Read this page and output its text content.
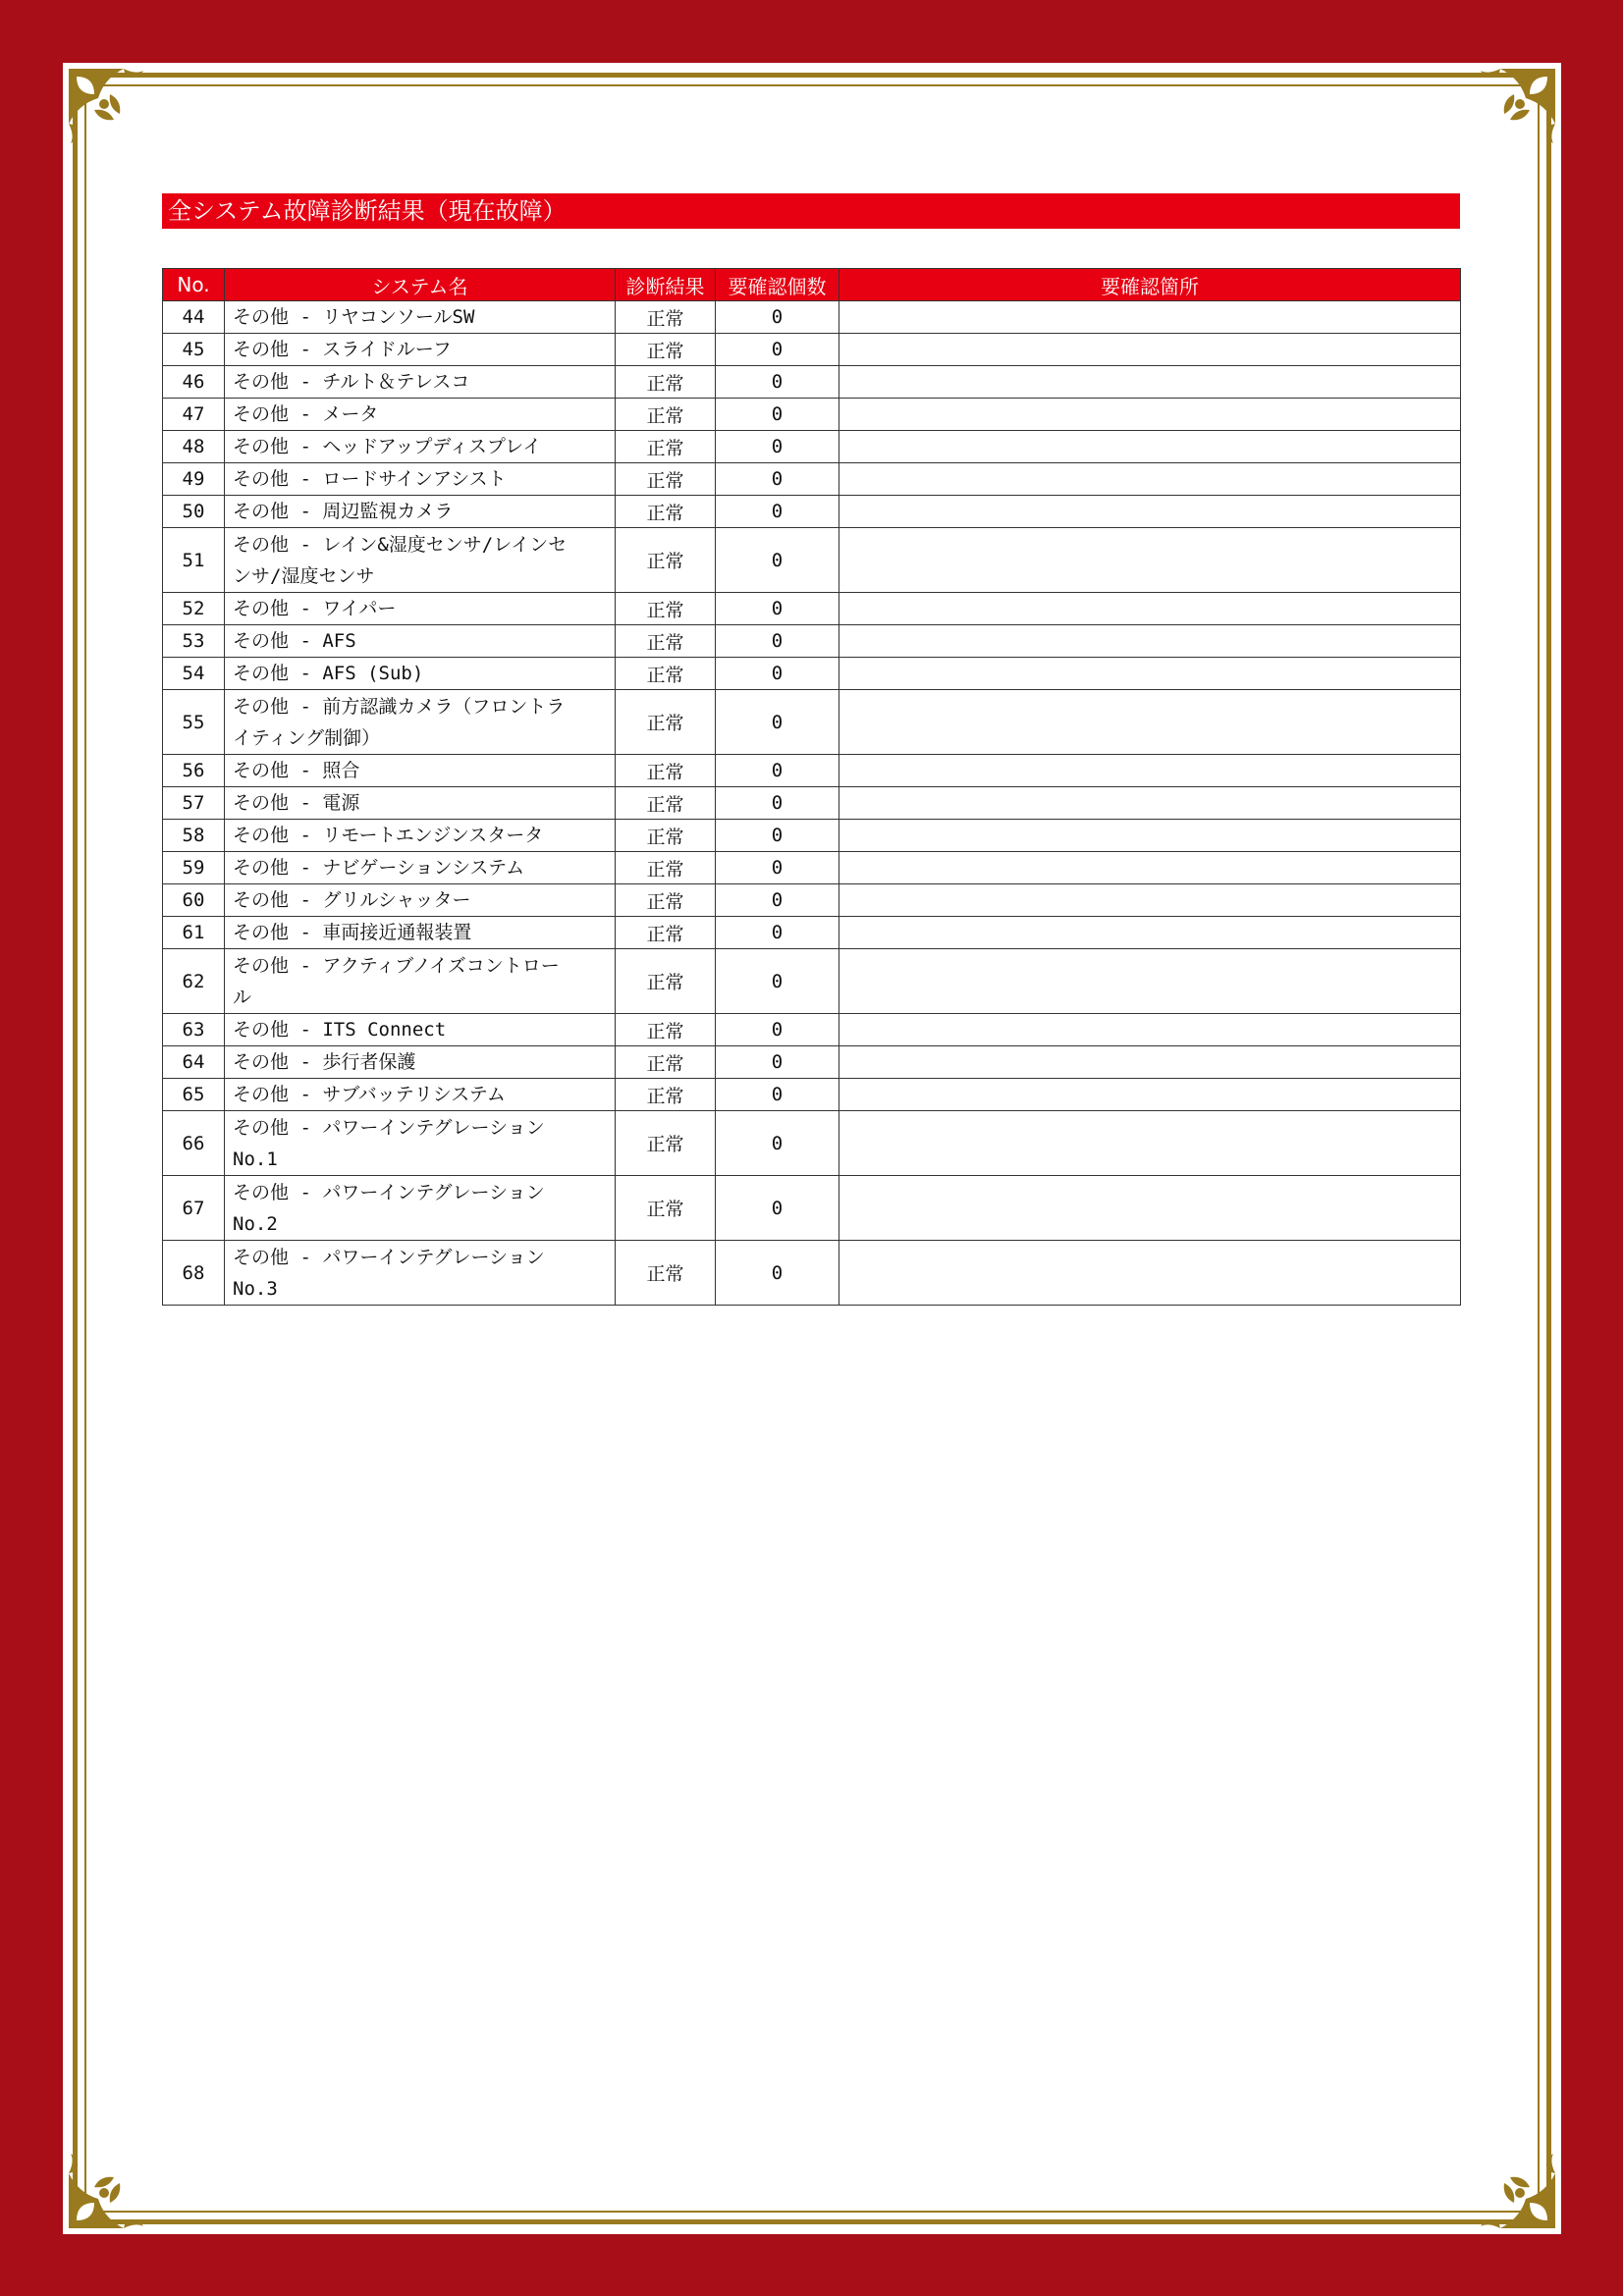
全システム故障診断結果（現在故障）
No.	システム名	診断結果	要確認個数	要確認箇所
44	その他 - リヤコンソールSW	正常	0	
45	その他 - スライドルーフ	正常	0	
46	その他 - チルト＆テレスコ	正常	0	
47	その他 - メータ	正常	0	
48	その他 - ヘッドアップディスプレイ	正常	0	
49	その他 - ロードサインアシスト	正常	0	
50	その他 - 周辺監視カメラ	正常	0	
51	その他 - レイン&湿度センサ/レインセ
ンサ/湿度センサ	正常	0	
52	その他 - ワイパー	正常	0	
53	その他 - AFS	正常	0	
54	その他 - AFS (Sub)	正常	0	
55	その他 - 前方認識カメラ（フロントラ
イティング制御）	正常	0	
56	その他 - 照合	正常	0	
57	その他 - 電源	正常	0	
58	その他 - リモートエンジンスタータ	正常	0	
59	その他 - ナビゲーションシステム	正常	0	
60	その他 - グリルシャッター	正常	0	
61	その他 - 車両接近通報装置	正常	0	
62	その他 - アクティブノイズコントロー
ル	正常	0	
63	その他 - ITS Connect	正常	0	
64	その他 - 歩行者保護	正常	0	
65	その他 - サブバッテリシステム	正常	0	
66	その他 - パワーインテグレーション
No.1	正常	0	
67	その他 - パワーインテグレーション
No.2	正常	0	
68	その他 - パワーインテグレーション
No.3	正常	0	
